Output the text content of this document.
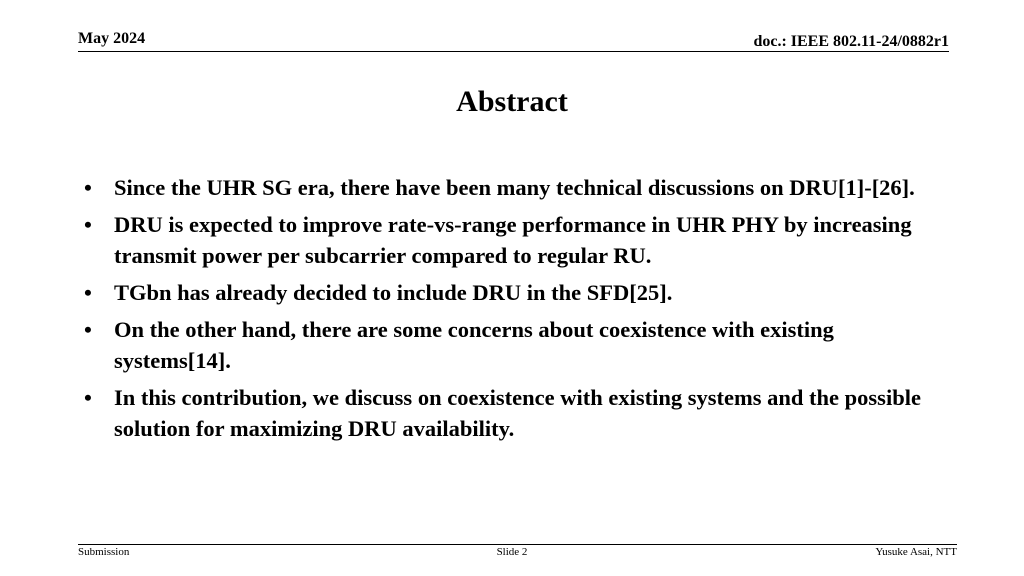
May 2024	doc.: IEEE 802.11-24/0882r1
Abstract
• Since the UHR SG era, there have been many technical discussions on DRU[1]-[26].
• DRU is expected to improve rate-vs-range performance in UHR PHY by increasing transmit power per subcarrier compared to regular RU.
• TGbn has already decided to include DRU in the SFD[25].
• On the other hand, there are some concerns about coexistence with existing systems[14].
• In this contribution, we discuss on coexistence with existing systems and the possible solution for maximizing DRU availability.
Submission	Slide 2	Yusuke Asai, NTT
